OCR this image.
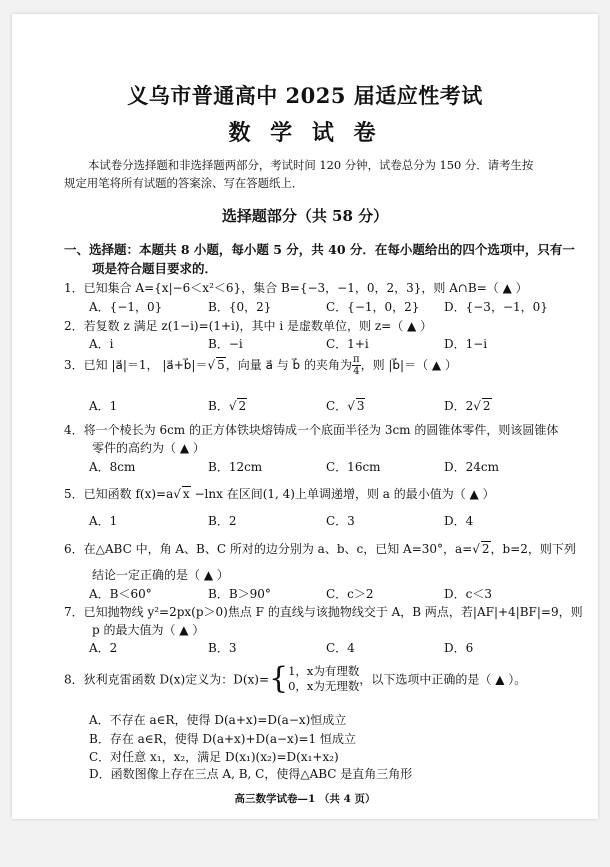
义乌市普通高中 2025 届适应性考试
数 学 试 卷
本试卷分选择题和非选择题两部分，考试时间 120 分钟，试卷总分为 150 分．请考生按
规定用笔将所有试题的答案涂、写在答题纸上．
选择题部分（共 58 分）
一、选择题：本题共 8 小题，每小题 5 分，共 40 分．在每小题给出的四个选项中，只有一
项是符合题目要求的．
1．已知集合 A={x|−6＜x²＜6}，集合 B={−3，−1，0，2，3}，则 A∩B=（ ▲ ）
A．{−1，0}	B．{0，2}	C．{−1，0，2} D．{−3，−1，0}
2．若复数 z 满足 z(1−i)=(1+i)，其中 i 是虚数单位，则 z=（ ▲ ）
A．i	B．−i	C．1+i	D．1−i
3．已知 |a⃗|＝1， |a⃗+b⃗|＝√ 5，向量 a⃗ 与 b⃗ 的夹角为 $\frac{\pi}{4}$ ，则 |b⃗|＝（ ▲ ）
A．1	B．√ 2	C．√ 3	D．2√ 2
4．将一个棱长为 6cm 的正方体铁块熔铸成一个底面半径为 3cm 的圆锥体零件，则该圆锥体
零件的高约为（ ▲ ）
A．8cm	B．12cm	C．16cm	D．24cm
5．已知函数 f(x)=a√ x −lnx 在区间(1, 4)上单调递增，则 a 的最小值为（ ▲ ）
A．1	B．2	C．3	D．4
6．在△ABC 中，角 A、B、C 所对的边分别为 a、b、c，已知 A=30°，a=√ 2，b=2，则下列
结论一定正确的是（ ▲ ）
A．B＜60°	B．B＞90°	C．c＞2	D．c＜3
7．已知抛物线 y²=2px(p＞0)焦点 F 的直线与该抛物线交于 A，B 两点，若|AF|+4|BF|=9，则
p 的最大值为（ ▲ ）
A．2	B．3	C．4	D．6
8．狄利克雷函数 D(x)定义为：D(x)={ 1，x为有理数
0，x为无理数 ，以下选项中正确的是（ ▲ ）。
A．不存在 a∈R，使得 D(a+x)=D(a−x)恒成立
B．存在 a∈R，使得 D(a+x)+D(a−x)=1 恒成立
C．对任意 x₁，x₂，满足 D(x₁)(x₂)=D(x₁+x₂)
D．函数图像上存在三点 A, B, C，使得△ABC 是直角三角形
高三数学试卷—1 （共 4 页）
